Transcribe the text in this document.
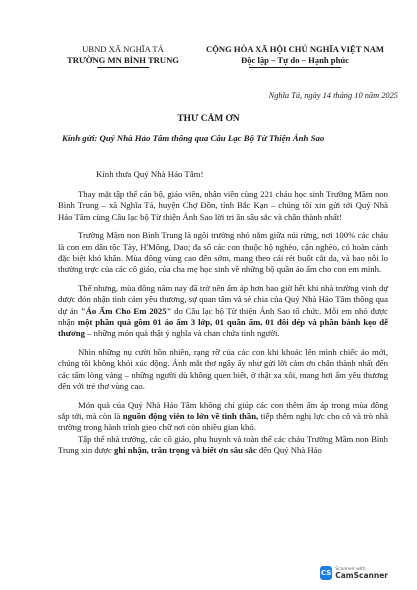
UBND XÃ NGHĨA TÁ
TRƯỜNG MN BÌNH TRUNG
CỘNG HÒA XÃ HỘI CHỦ NGHĨA VIỆT NAM
Độc lập – Tự do – Hạnh phúc
Nghĩa Tá, ngày 14 tháng 10 năm 2025
THƯ CẢM ƠN
Kính gửi: Quý Nhà Hảo Tâm thông qua Câu Lạc Bộ Từ Thiện Ánh Sao
Kính thưa Quý Nhà Hảo Tâm!

Thay mặt tập thể cán bộ, giáo viên, nhân viên cùng 221 cháu học sinh Trường Mầm non Bình Trung – xã Nghĩa Tá, huyện Chợ Đồn, tỉnh Bắc Kạn – chúng tôi xin gửi tới Quý Nhà Hảo Tâm cùng Câu lạc bộ Từ thiện Ánh Sao lời tri ân sâu sắc và chân thành nhất!

Trường Mầm non Bình Trung là ngôi trường nhỏ nằm giữa núi rừng, nơi 100% các cháu là con em dân tộc Tày, H'Mông, Dao; đa số các con thuộc hộ nghèo, cận nghèo, có hoàn cảnh đặc biệt khó khăn. Mùa đông vùng cao đến sớm, mang theo cái rét buốt cắt da, và bao nỗi lo thường trực của các cô giáo, của cha mẹ học sinh về những bộ quần áo ấm cho con em mình.

Thế nhưng, mùa đông năm nay đã trở nên ấm áp hơn bao giờ hết khi nhà trường vinh dự được đón nhận tình cảm yêu thương, sự quan tâm và sẻ chia của Quý Nhà Hảo Tâm thông qua dự án "Áo Ấm Cho Em 2025" do Câu lạc bộ Từ thiện Ánh Sao tổ chức. Mỗi em nhỏ được nhận một phần quà gồm 01 áo ấm 3 lớp, 01 quần ấm, 01 đôi dép và phần bánh kẹo dễ thương – những món quà thật ý nghĩa và chan chứa tình người.

Nhìn những nụ cười hồn nhiên, rạng rỡ của các con khi khoác lên mình chiếc áo mới, chúng tôi không khỏi xúc động. Ánh mắt thơ ngây ấy như gửi lời cảm ơn chân thành nhất đến các tấm lòng vàng – những người dù không quen biết, ở thật xa xôi, mang hơi ấm yêu thương đến với trẻ thơ vùng cao.

Món quà của Quý Nhà Hảo Tâm không chỉ giúp các con thêm ấm áp trong mùa đông sắp tới, mà còn là nguồn động viên to lớn về tinh thần, tiếp thêm nghị lực cho cô và trò nhà trường trong hành trình gieo chữ nơi còn nhiều gian khó.

Tập thể nhà trường, các cô giáo, phụ huynh và toàn thể các cháu Trường Mầm non Bình Trung xin được ghi nhận, trân trọng và biết ơn sâu sắc đến Quý Nhà Hảo

CS Scanned with
CamScanner
